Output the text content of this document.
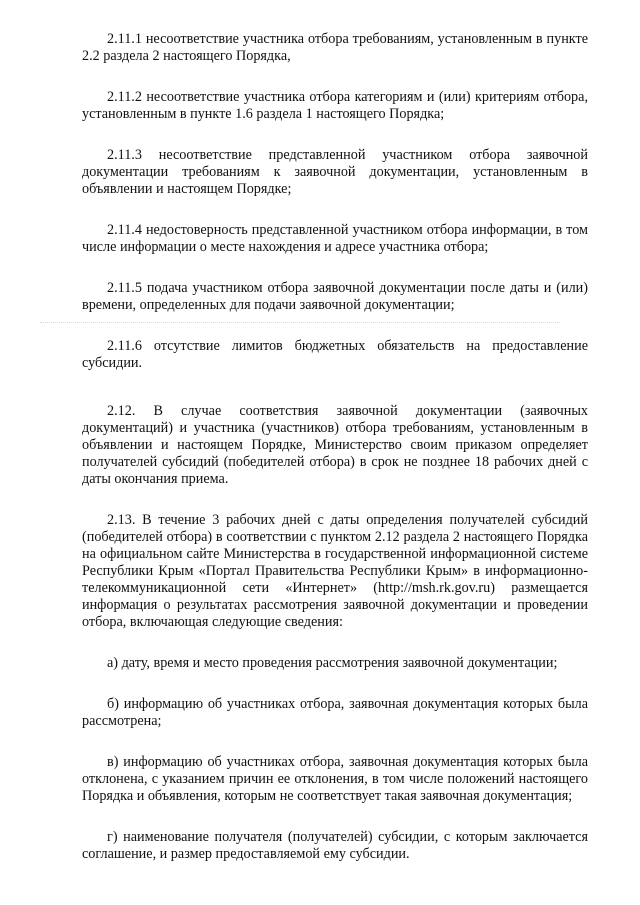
2.11.1 несоответствие участника отбора требованиям, установленным в пункте 2.2 раздела 2 настоящего Порядка,

2.11.2 несоответствие участника отбора категориям и (или) критериям отбора, установленным в пункте 1.6 раздела 1 настоящего Порядка;

2.11.3 несоответствие представленной участником отбора заявочной документации требованиям к заявочной документации, установленным в объявлении и настоящем Порядке;

2.11.4 недостоверность представленной участником отбора информации, в том числе информации о месте нахождения и адресе участника отбора;

2.11.5 подача участником отбора заявочной документации после даты и (или) времени, определенных для подачи заявочной документации;

2.11.6 отсутствие лимитов бюджетных обязательств на предоставление субсидии.

2.12. В случае соответствия заявочной документации (заявочных документаций) и участника (участников) отбора требованиям, установленным в объявлении и настоящем Порядке, Министерство своим приказом определяет получателей субсидий (победителей отбора) в срок не позднее 18 рабочих дней с даты окончания приема.

2.13. В течение 3 рабочих дней с даты определения получателей субсидий (победителей отбора) в соответствии с пунктом 2.12 раздела 2 настоящего Порядка на официальном сайте Министерства в государственной информационной системе Республики Крым «Портал Правительства Республики Крым» в информационно-телекоммуникационной сети «Интернет» (http://msh.rk.gov.ru) размещается информация о результатах рассмотрения заявочной документации и проведении отбора, включающая следующие сведения:

а) дату, время и место проведения рассмотрения заявочной документации;

б) информацию об участниках отбора, заявочная документация которых была рассмотрена;

в) информацию об участниках отбора, заявочная документация которых была отклонена, с указанием причин ее отклонения, в том числе положений настоящего Порядка и объявления, которым не соответствует такая заявочная документация;

г) наименование получателя (получателей) субсидии, с которым заключается соглашение, и размер предоставляемой ему субсидии.
